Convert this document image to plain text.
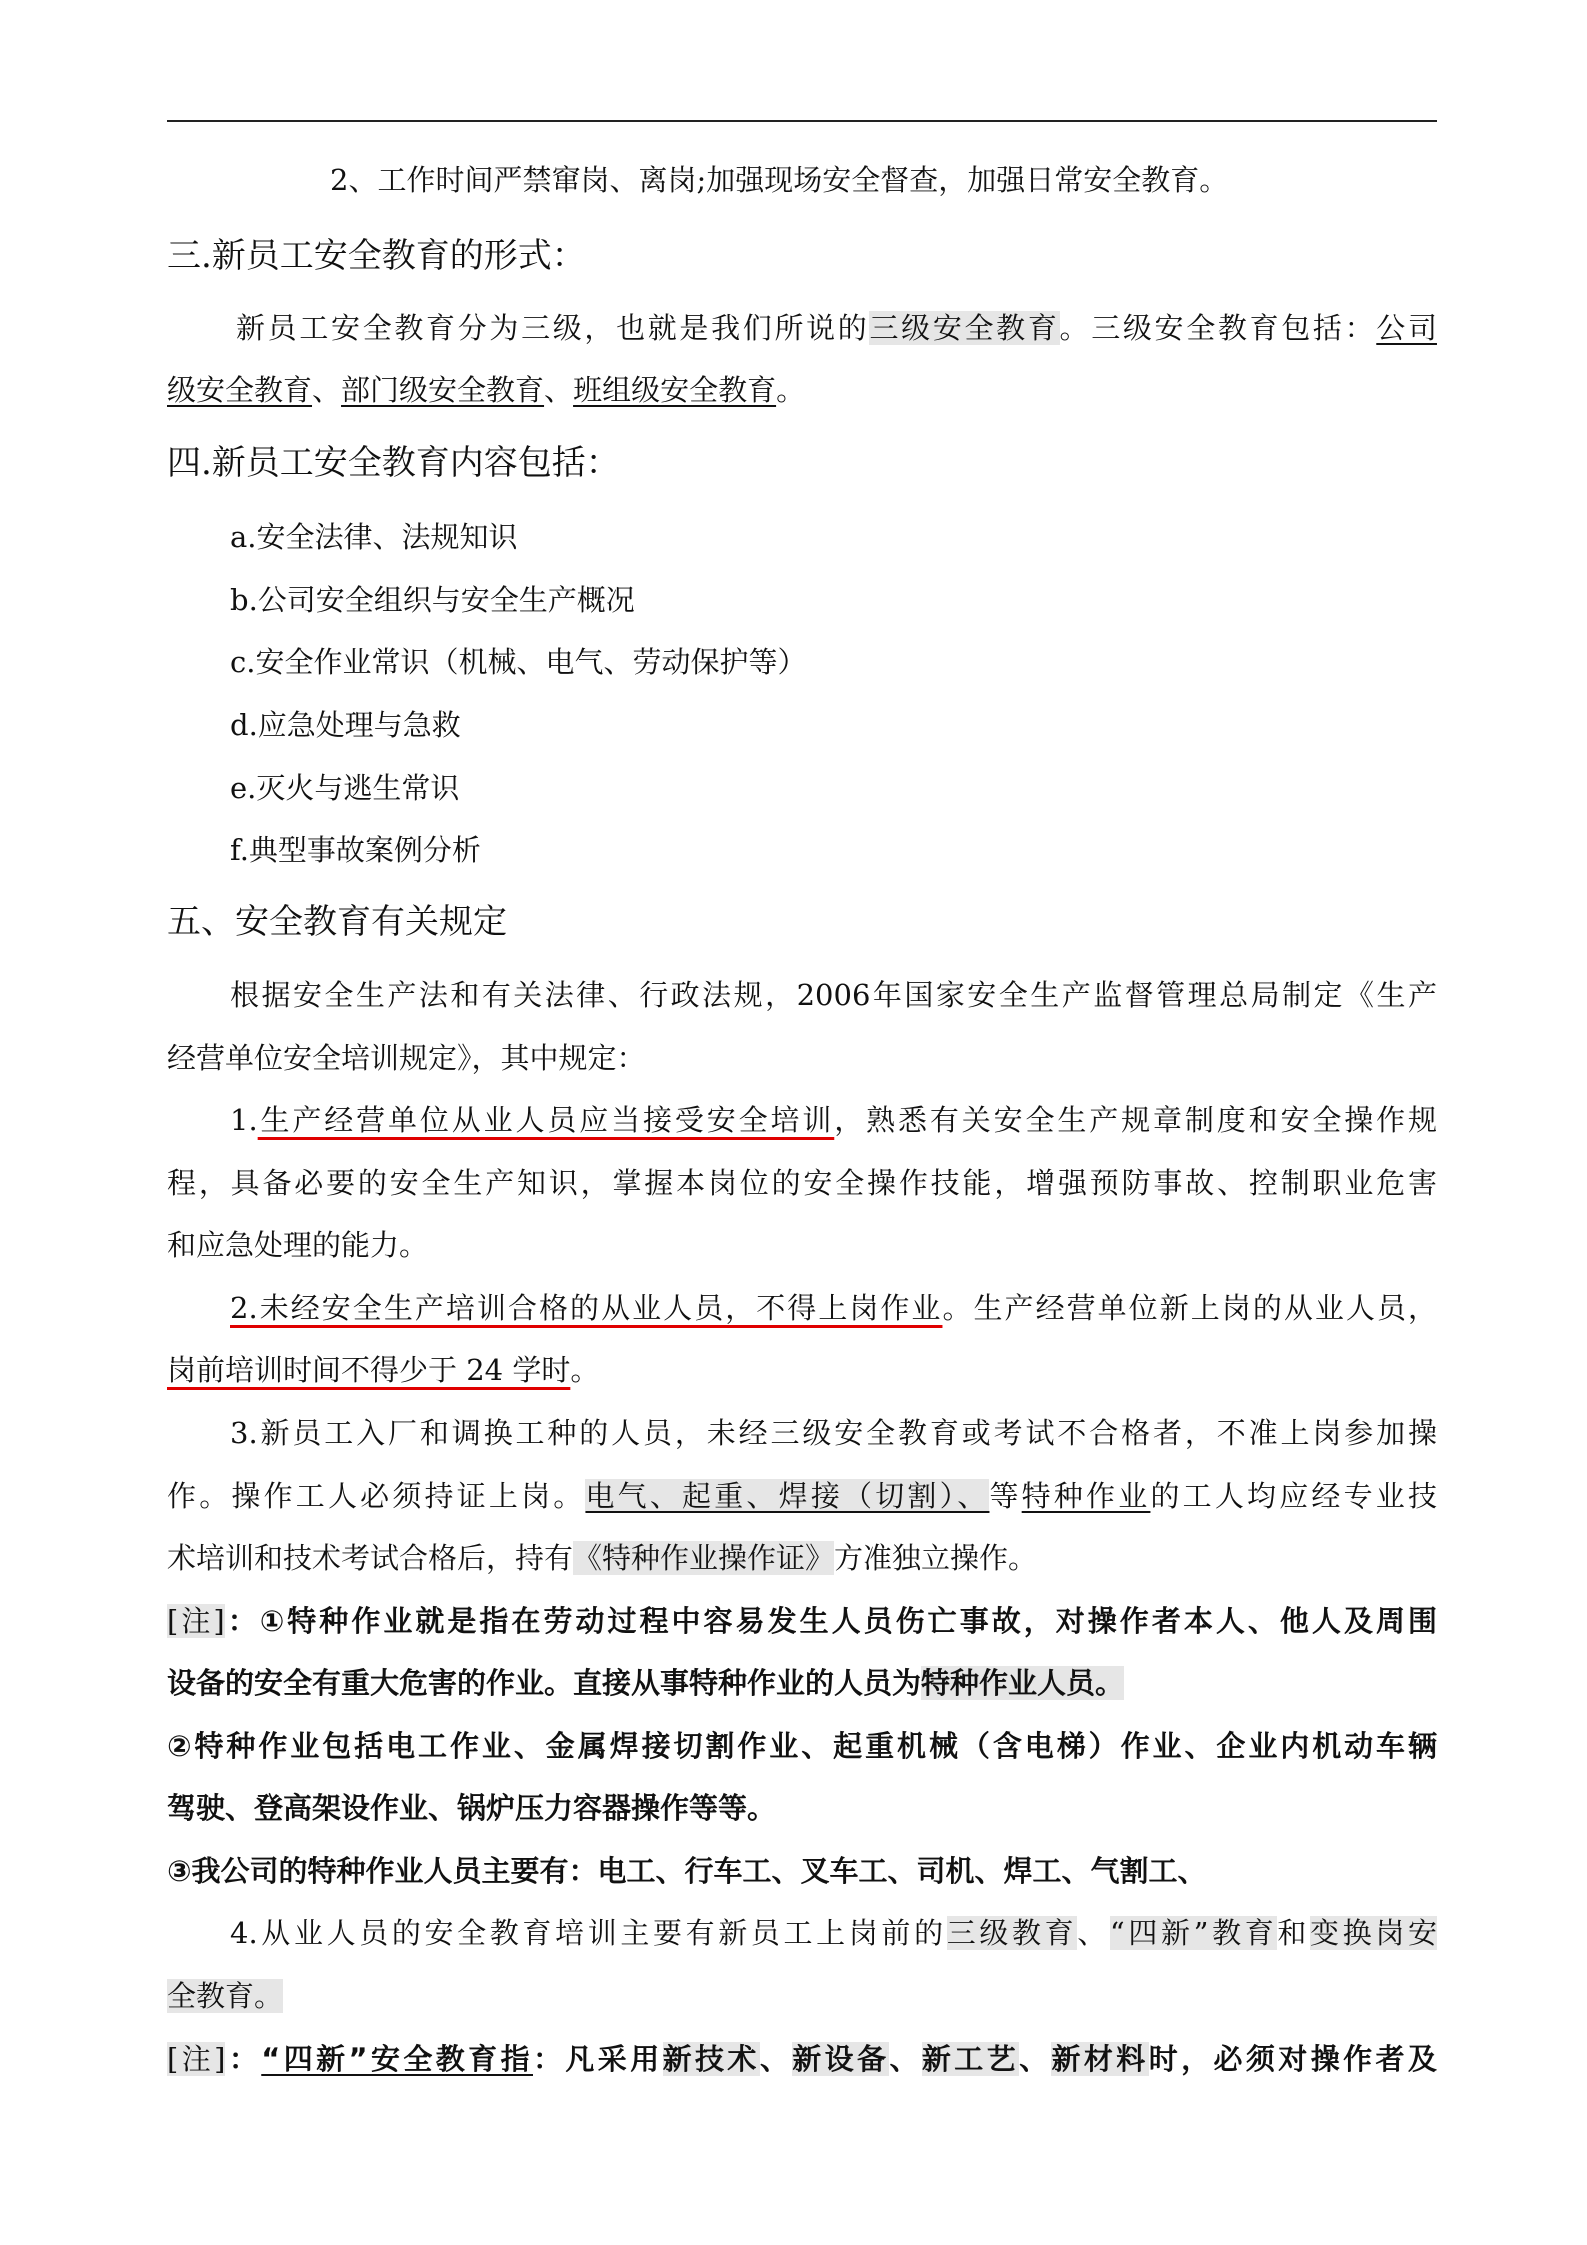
2、工作时间严禁窜岗、离岗;加强现场安全督查，加强日常安全教育。
三.新员工安全教育的形式：
新员工安全教育分为三级，也就是我们所说的三级安全教育。三级安全教育包括：公司
级安全教育、部门级安全教育、班组级安全教育。
四.新员工安全教育内容包括：
a.安全法律、法规知识
b.公司安全组织与安全生产概况
c.安全作业常识（机械、电气、劳动保护等）
d.应急处理与急救
e.灭火与逃生常识
f.典型事故案例分析
五、安全教育有关规定
根据安全生产法和有关法律、行政法规，2006年国家安全生产监督管理总局制定《生产
经营单位安全培训规定》，其中规定：
1.生产经营单位从业人员应当接受安全培训，熟悉有关安全生产规章制度和安全操作规
程，具备必要的安全生产知识，掌握本岗位的安全操作技能，增强预防事故、控制职业危害
和应急处理的能力。
2.未经安全生产培训合格的从业人员，不得上岗作业。生产经营单位新上岗的从业人员，
岗前培训时间不得少于 24 学时。
3.新员工入厂和调换工种的人员，未经三级安全教育或考试不合格者，不准上岗参加操
作。操作工人必须持证上岗。电气、起重、焊接（切割）、等特种作业的工人均应经专业技
术培训和技术考试合格后，持有《特种作业操作证》方准独立操作。
[注]：①特种作业就是指在劳动过程中容易发生人员伤亡事故，对操作者本人、他人及周围
设备的安全有重大危害的作业。直接从事特种作业的人员为特种作业人员。
②特种作业包括电工作业、金属焊接切割作业、起重机械（含电梯）作业、企业内机动车辆
驾驶、登高架设作业、锅炉压力容器操作等等。
③我公司的特种作业人员主要有：电工、行车工、叉车工、司机、焊工、气割工、
4.从业人员的安全教育培训主要有新员工上岗前的三级教育、“四新”教育和变换岗安
全教育。
[注]：“四新”安全教育指：凡采用新技术、新设备、新工艺、新材料时，必须对操作者及
